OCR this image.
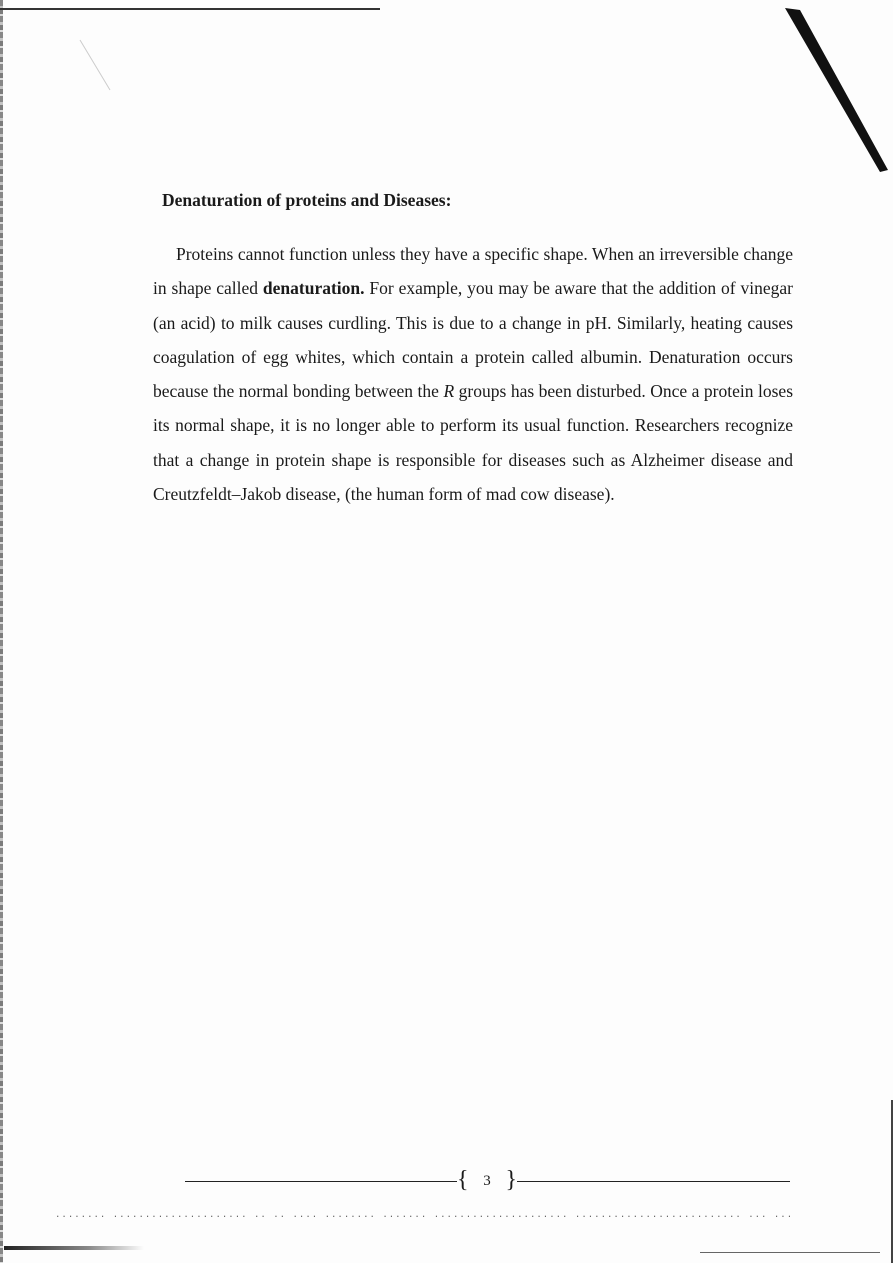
Denaturation of proteins and Diseases:

Proteins cannot function unless they have a specific shape. When an irreversible change in shape called denaturation. For example, you may be aware that the addition of vinegar (an acid) to milk causes curdling. This is due to a change in pH. Similarly, heating causes coagulation of egg whites, which contain a protein called albumin. Denaturation occurs because the normal bonding between the R groups has been disturbed. Once a protein loses its normal shape, it is no longer able to perform its usual function. Researchers recognize that a change in protein shape is responsible for diseases such as Alzheimer disease and Creutzfeldt–Jakob disease, (the human form of mad cow disease).

{ 3 }
........ ..................... .. .. .... ........ ....... ..................... .......................... ... ...
